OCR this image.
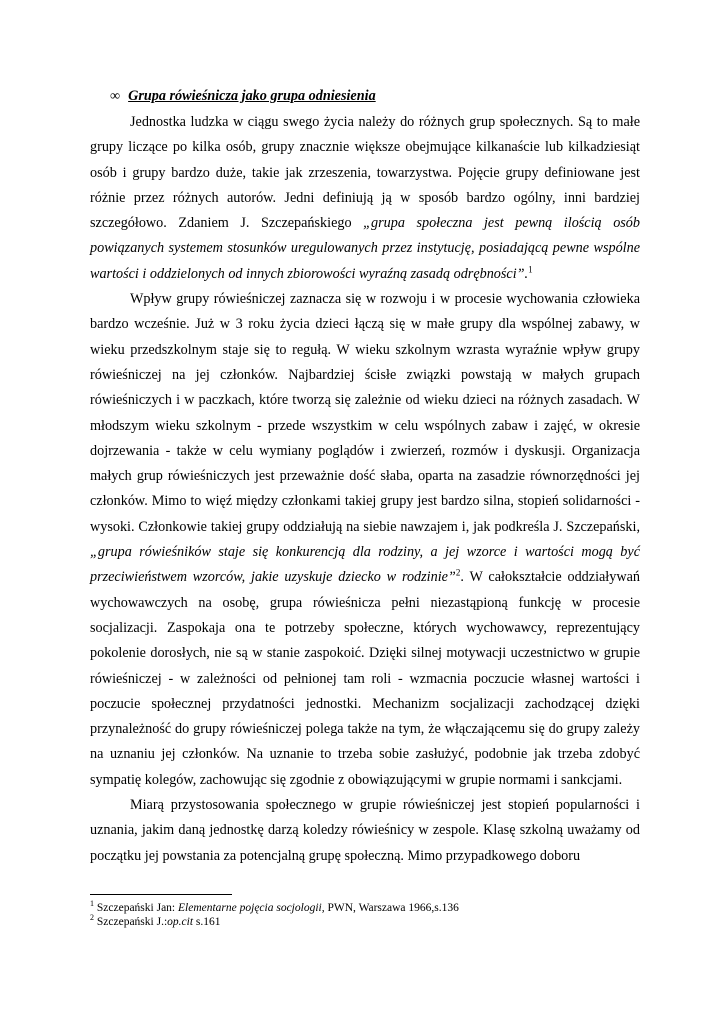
∞ Grupa rówieśnicza jako grupa odniesienia

Jednostka ludzka w ciągu swego życia należy do różnych grup społecznych. Są to małe grupy liczące po kilka osób, grupy znacznie większe obejmujące kilkanaście lub kilkadziesiąt osób i grupy bardzo duże, takie jak zrzeszenia, towarzystwa. Pojęcie grupy definiowane jest różnie przez różnych autorów. Jedni definiują ją w sposób bardzo ogólny, inni bardziej szczegółowo. Zdaniem J. Szczepańskiego „grupa społeczna jest pewną ilością osób powiązanych systemem stosunków uregulowanych przez instytucję, posiadającą pewne wspólne wartości i oddzielonych od innych zbiorowości wyraźną zasadą odrębności”.$^1$

Wpływ grupy rówieśniczej zaznacza się w rozwoju i w procesie wychowania człowieka bardzo wcześnie. Już w 3 roku życia dzieci łączą się w małe grupy dla wspólnej zabawy, w wieku przedszkolnym staje się to regułą. W wieku szkolnym wzrasta wyraźnie wpływ grupy rówieśniczej na jej członków. Najbardziej ścisłe związki powstają w małych grupach rówieśniczych i w paczkach, które tworzą się zależnie od wieku dzieci na różnych zasadach. W młodszym wieku szkolnym - przede wszystkim w celu wspólnych zabaw i zajęć, w okresie dojrzewania - także w celu wymiany poglądów i zwierzeń, rozmów i dyskusji. Organizacja małych grup rówieśniczych jest przeważnie dość słaba, oparta na zasadzie równorzędności jej członków. Mimo to więź między członkami takiej grupy jest bardzo silna, stopień solidarności - wysoki. Członkowie takiej grupy oddziałują na siebie nawzajem i, jak podkreśla J. Szczepański, „grupa rówieśników staje się konkurencją dla rodziny, a jej wzorce i wartości mogą być przeciwieństwem wzorców, jakie uzyskuje dziecko w rodzinie”$^2$. W całokształcie oddziaływań wychowawczych na osobę, grupa rówieśnicza pełni niezastąpioną funkcję w procesie socjalizacji. Zaspokaja ona te potrzeby społeczne, których wychowawcy, reprezentujący pokolenie dorosłych, nie są w stanie zaspokoić. Dzięki silnej motywacji uczestnictwo w grupie rówieśniczej - w zależności od pełnionej tam roli - wzmacnia poczucie własnej wartości i poczucie społecznej przydatności jednostki. Mechanizm socjalizacji zachodzącej dzięki przynależność do grupy rówieśniczej polega także na tym, że włączającemu się do grupy zależy na uznaniu jej członków. Na uznanie to trzeba sobie zasłużyć, podobnie jak trzeba zdobyć sympatię kolegów, zachowując się zgodnie z obowiązującymi w grupie normami i sankcjami.

Miarą przystosowania społecznego w grupie rówieśniczej jest stopień popularności i uznania, jakim daną jednostkę darzą koledzy rówieśnicy w zespole. Klasę szkolną uważamy od początku jej powstania za potencjalną grupę społeczną. Mimo przypadkowego doboru

$^1$ Szczepański Jan: Elementarne pojęcia socjologii, PWN, Warszawa 1966,s.136

$^2$ Szczepański J.:op.cit s.161
